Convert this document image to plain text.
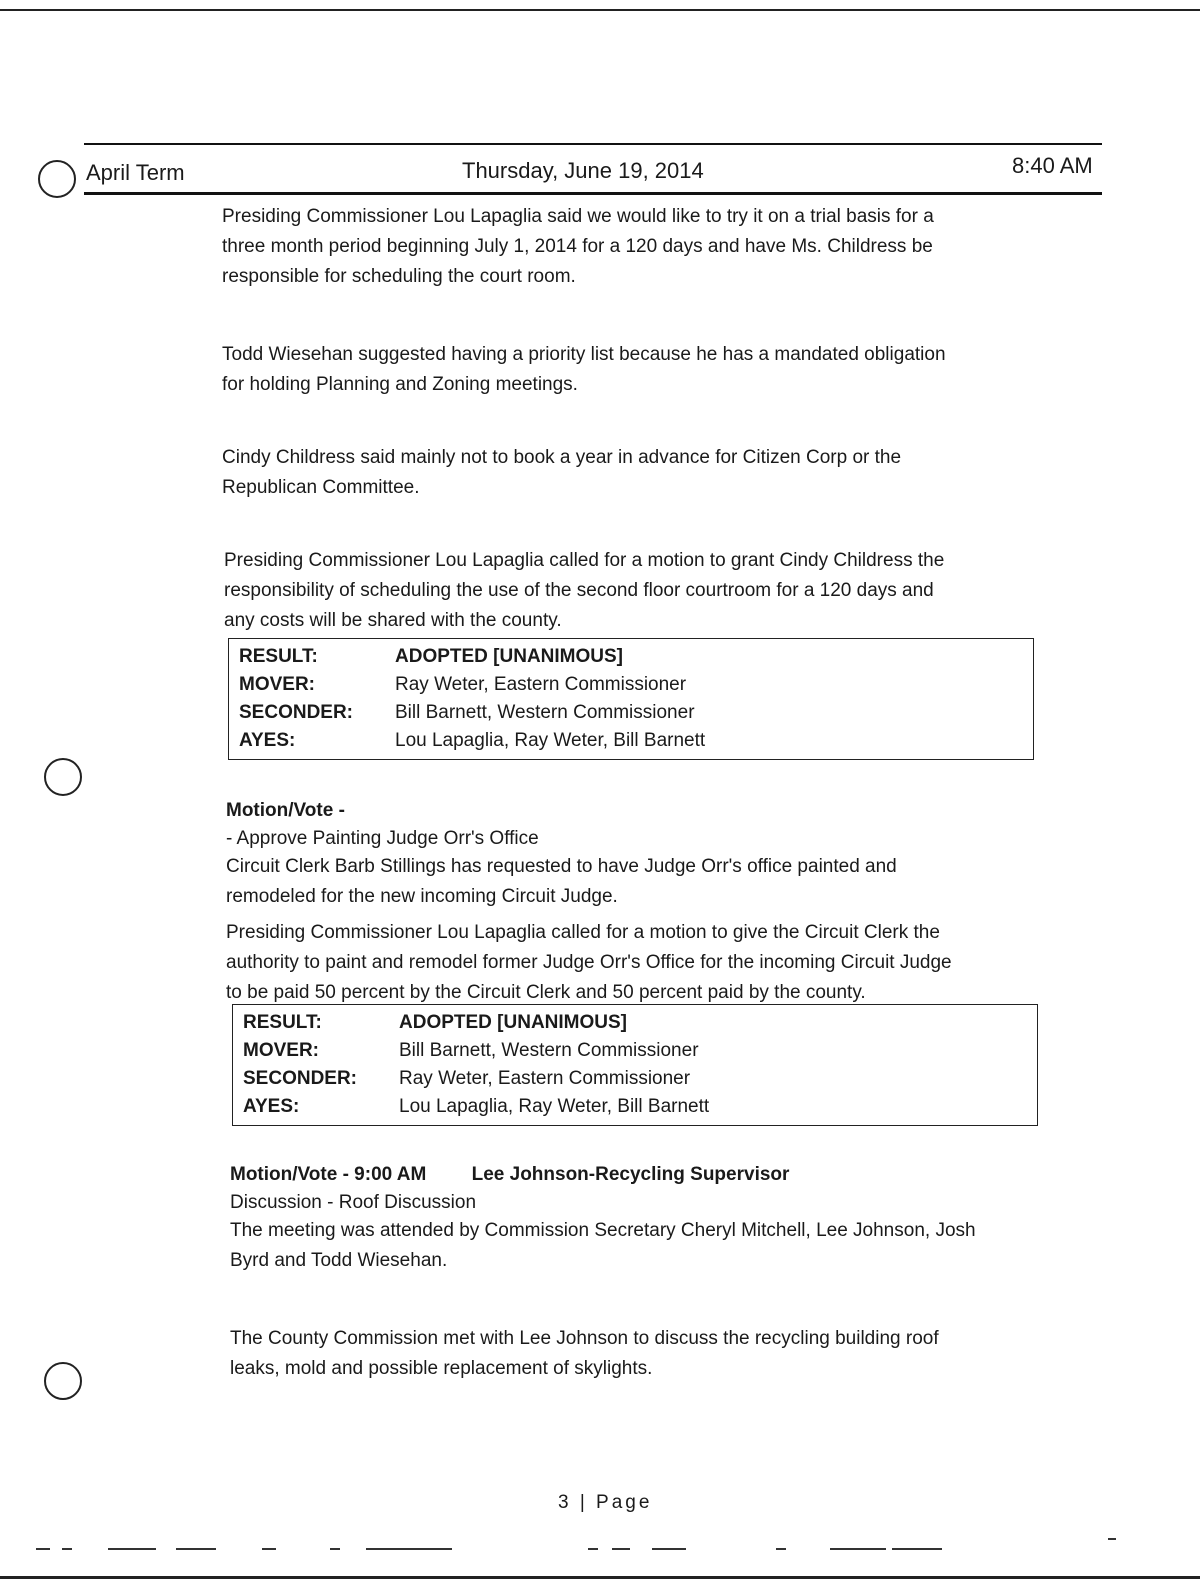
April Term	Thursday, June 19, 2014	8:40 AM
Presiding Commissioner Lou Lapaglia said we would like to try it on a trial basis for a
three month period beginning July 1, 2014 for a 120 days and have Ms. Childress be
responsible for scheduling the court room.
Todd Wiesehan suggested having a priority list because he has a mandated obligation
for holding Planning and Zoning meetings.
Cindy Childress said mainly not to book a year in advance for Citizen Corp or the
Republican Committee.
Presiding Commissioner Lou Lapaglia called for a motion to grant Cindy Childress the
responsibility of scheduling the use of the second floor courtroom for a 120 days and
any costs will be shared with the county.
RESULT:	ADOPTED [UNANIMOUS]
MOVER:	Ray Weter, Eastern Commissioner
SECONDER:	Bill Barnett, Western Commissioner
AYES:	Lou Lapaglia, Ray Weter, Bill Barnett
Motion/Vote -
- Approve Painting Judge Orr's Office
Circuit Clerk Barb Stillings has requested to have Judge Orr's office painted and
remodeled for the new incoming Circuit Judge.
Presiding Commissioner Lou Lapaglia called for a motion to give the Circuit Clerk the
authority to paint and remodel former Judge Orr's Office for the incoming Circuit Judge
to be paid 50 percent by the Circuit Clerk and 50 percent paid by the county.
RESULT:	ADOPTED [UNANIMOUS]
MOVER:	Bill Barnett, Western Commissioner
SECONDER:	Ray Weter, Eastern Commissioner
AYES:	Lou Lapaglia, Ray Weter, Bill Barnett
Motion/Vote - 9:00 AM Lee Johnson-Recycling Supervisor
Discussion - Roof Discussion
The meeting was attended by Commission Secretary Cheryl Mitchell, Lee Johnson, Josh
Byrd and Todd Wiesehan.
The County Commission met with Lee Johnson to discuss the recycling building roof
leaks, mold and possible replacement of skylights.
3 | Page
